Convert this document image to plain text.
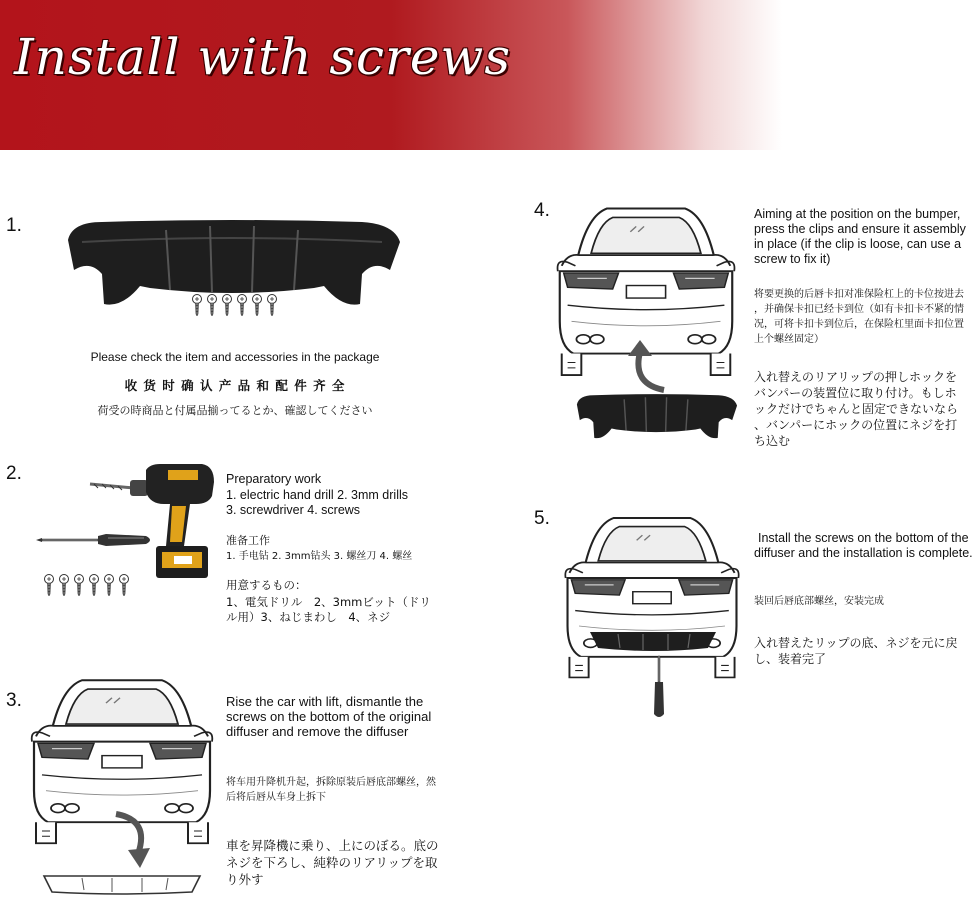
Install with screws
1.
Please check the item and accessories in the package
收 货 时 确 认 产 品 和 配 件 齐 全
荷受の時商品と付属品揃ってるとか、確認してください
2.	Preparatory work
1. electric hand drill 2. 3mm drills
3. screwdriver 4. screws
准备工作
1. 手电钻 2. 3mm钻头 3. 螺丝刀 4. 螺丝
用意するもの：
1、電気ドリル　2、3mmビット（ドリ
ル用）3、ねじまわし　4、ネジ
3.	Rise the car with lift, dismantle the
screws on the bottom of the original
diffuser and remove the diffuser
将车用升降机升起，拆除原装后唇底部螺丝，然
后将后唇从车身上拆下
車を昇降機に乗り、上にのぼる。底の
ネジを下ろし、純粋のリアリップを取
り外す
4.	Aiming at the position on the bumper,
press the clips and ensure it assembly
in place (if the clip is loose, can use a
screw to fix it)
将要更换的后唇卡扣对准保险杠上的卡位按进去
，并确保卡扣已经卡到位（如有卡扣卡不紧的情
况，可将卡扣卡到位后，在保险杠里面卡扣位置
上个螺丝固定）
入れ替えのリアリップの押しホックを
バンパーの装置位に取り付け。もしホ
ックだけでちゃんと固定できないなら
、バンパーにホックの位置にネジを打
ち込む
5.
Install the screws on the bottom of the
diffuser and the installation is complete.
装回后唇底部螺丝，安装完成
入れ替えたリップの底、ネジを元に戻
し、装着完了
